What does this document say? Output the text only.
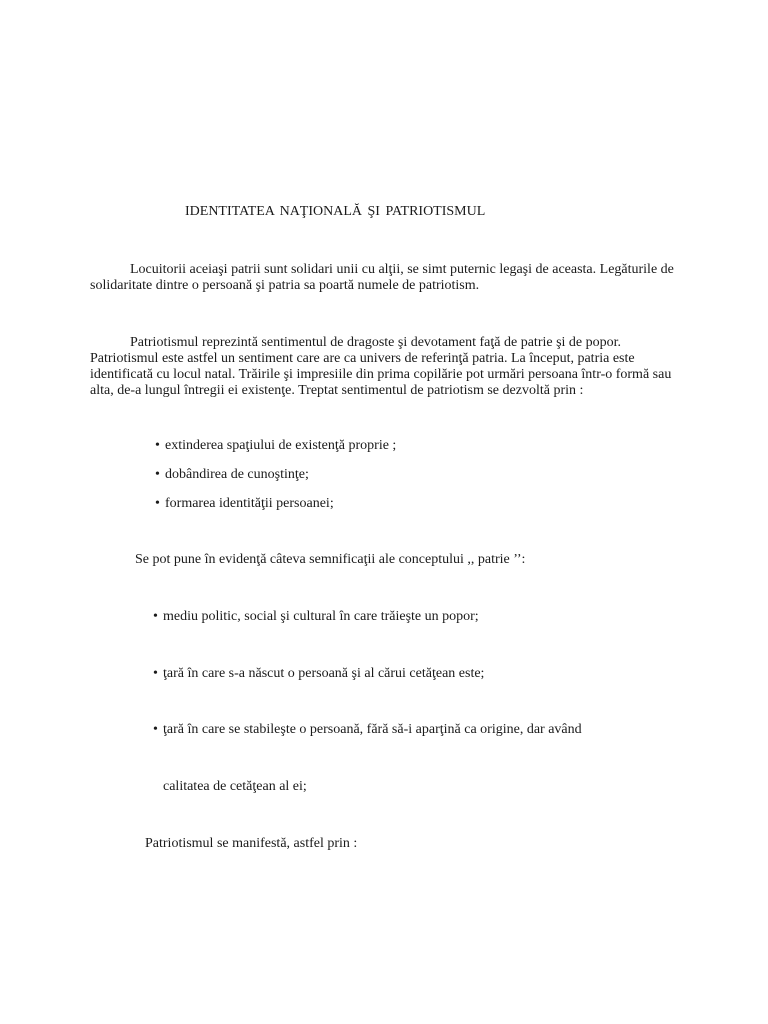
IDENTITATEA NAŢIONALĂ ŞI PATRIOTISMUL
Locuitorii aceiaşi patrii sunt solidari unii cu alţii, se simt puternic legaşi de aceasta. Legăturile de
solidaritate dintre o persoană şi patria sa poartă numele de patriotism.
Patriotismul reprezintă sentimentul de dragoste şi devotament faţă de patrie şi de popor.
Patriotismul este astfel un sentiment care are ca univers de referinţă patria. La început, patria este
identificată cu locul natal. Trăirile şi impresiile din prima copilărie pot urmări persoana într-o formă sau
alta, de-a lungul întregii ei existenţe. Treptat sentimentul de patriotism se dezvoltă prin :
• extinderea spaţiului de existenţă proprie ;
• dobândirea de cunoştinţe;
• formarea identităţii persoanei;
Se pot pune în evidenţă câteva semnificaţii ale conceptului ,, patrie ’’:
• mediu politic, social şi cultural în care trăieşte un popor;
• ţară în care s-a născut o persoană şi al cărui cetăţean este;
• ţară în care se stabileşte o persoană, fără să-i aparţină ca origine, dar având
calitatea de cetăţean al ei;
Patriotismul se manifestă, astfel prin :
